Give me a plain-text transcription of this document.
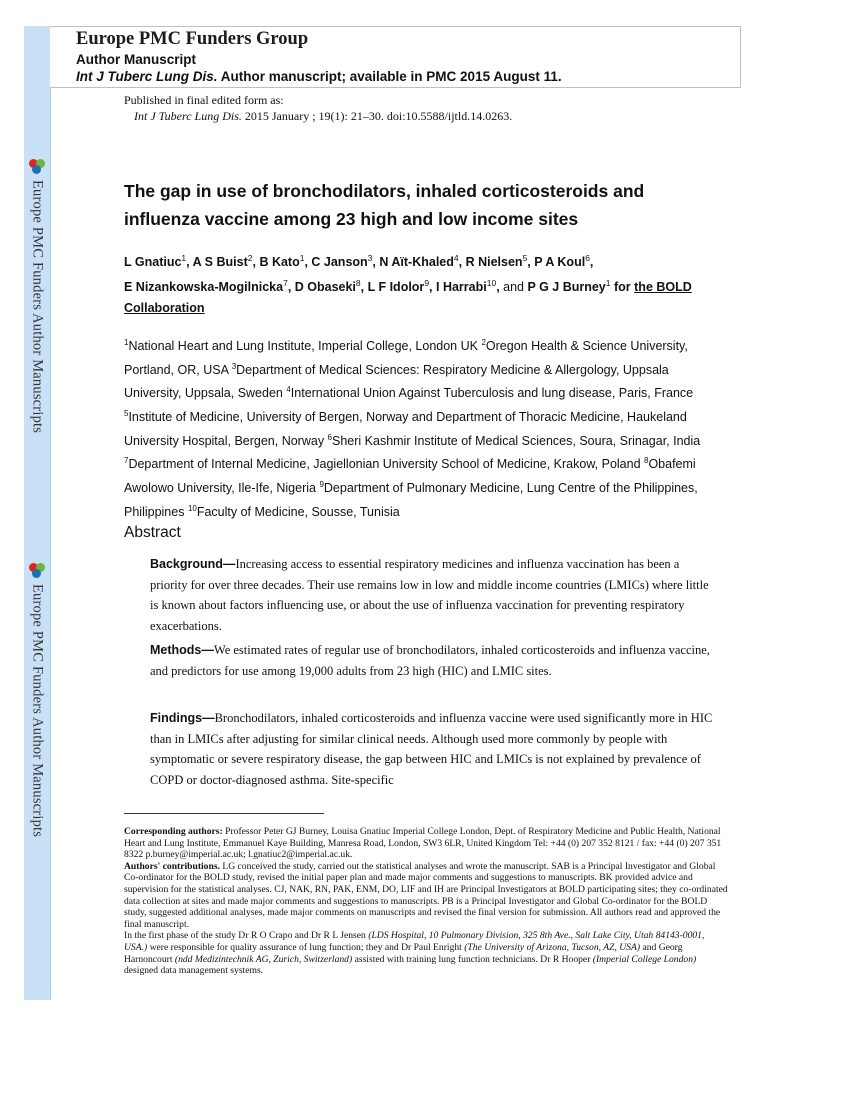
Europe PMC Funders Author Manuscripts
Europe PMC Funders Author Manuscripts
Europe PMC Funders Group
Author Manuscript
Int J Tuberc Lung Dis. Author manuscript; available in PMC 2015 August 11.
Published in final edited form as:
Int J Tuberc Lung Dis. 2015 January ; 19(1): 21–30. doi:10.5588/ijtld.14.0263.
The gap in use of bronchodilators, inhaled corticosteroids and influenza vaccine among 23 high and low income sites
L Gnatiuc$^1$, A S Buist$^2$, B Kato$^1$, C Janson$^3$, N Aït-Khaled$^4$, R Nielsen$^5$, P A Koul$^6$, E Nizankowska-Mogilnicka$^7$, D Obaseki$^8$, L F Idolor$^9$, I Harrabi$^{10}$, and P G J Burney$^1$ for the BOLD Collaboration
$^1$National Heart and Lung Institute, Imperial College, London UK $^2$Oregon Health & Science University, Portland, OR, USA $^3$Department of Medical Sciences: Respiratory Medicine & Allergology, Uppsala University, Uppsala, Sweden $^4$International Union Against Tuberculosis and lung disease, Paris, France $^5$Institute of Medicine, University of Bergen, Norway and Department of Thoracic Medicine, Haukeland University Hospital, Bergen, Norway $^6$Sheri Kashmir Institute of Medical Sciences, Soura, Srinagar, India $^7$Department of Internal Medicine, Jagiellonian University School of Medicine, Krakow, Poland $^8$Obafemi Awolowo University, Ile-Ife, Nigeria $^9$Department of Pulmonary Medicine, Lung Centre of the Philippines, Philippines $^{10}$Faculty of Medicine, Sousse, Tunisia
Abstract
Background—Increasing access to essential respiratory medicines and influenza vaccination has been a priority for over three decades. Their use remains low in low and middle income countries (LMICs) where little is known about factors influencing use, or about the use of influenza vaccination for preventing respiratory exacerbations.
Methods—We estimated rates of regular use of bronchodilators, inhaled corticosteroids and influenza vaccine, and predictors for use among 19,000 adults from 23 high (HIC) and LMIC sites.
Findings—Bronchodilators, inhaled corticosteroids and influenza vaccine were used significantly more in HIC than in LMICs after adjusting for similar clinical needs. Although used more commonly by people with symptomatic or severe respiratory disease, the gap between HIC and LMICs is not explained by prevalence of COPD or doctor-diagnosed asthma. Site-specific

Corresponding authors: Professor Peter GJ Burney, Louisa Gnatiuc Imperial College London, Dept. of Respiratory Medicine and Public Health, National Heart and Lung Institute, Emmanuel Kaye Building, Manresa Road, London, SW3 6LR, United Kingdom Tel: +44 (0) 207 352 8121 / fax: +44 (0) 207 351 8322 p.burney@imperial.ac.uk; l.gnatiuc2@imperial.ac.uk.

Authors' contributions. LG conceived the study, carried out the statistical analyses and wrote the manuscript. SAB is a Principal Investigator and Global Co-ordinator for the BOLD study, revised the initial paper plan and made major comments and suggestions to manuscripts. BK provided advice and supervision for the statistical analyses. CJ, NAK, RN, PAK, ENM, DO, LIF and IH are Principal Investigators at BOLD participating sites; they co-ordinated data collection at sites and made major comments and suggestions to manuscripts. PB is a Principal Investigator and Global Co-ordinator for the BOLD study, suggested additional analyses, made major comments on manuscripts and revised the final version for submission. All authors read and approved the final manuscript.

In the first phase of the study Dr R O Crapo and Dr R L Jensen (LDS Hospital, 10 Pulmonary Division, 325 8th Ave., Salt Lake City, Utah 84143-0001, USA.) were responsible for quality assurance of lung function; they and Dr Paul Enright (The University of Arizona, Tucson, AZ, USA) and Georg Harnoncourt (ndd Medizintechnik AG, Zurich, Switzerland) assisted with training lung function technicians. Dr R Hooper (Imperial College London) designed data management systems.
